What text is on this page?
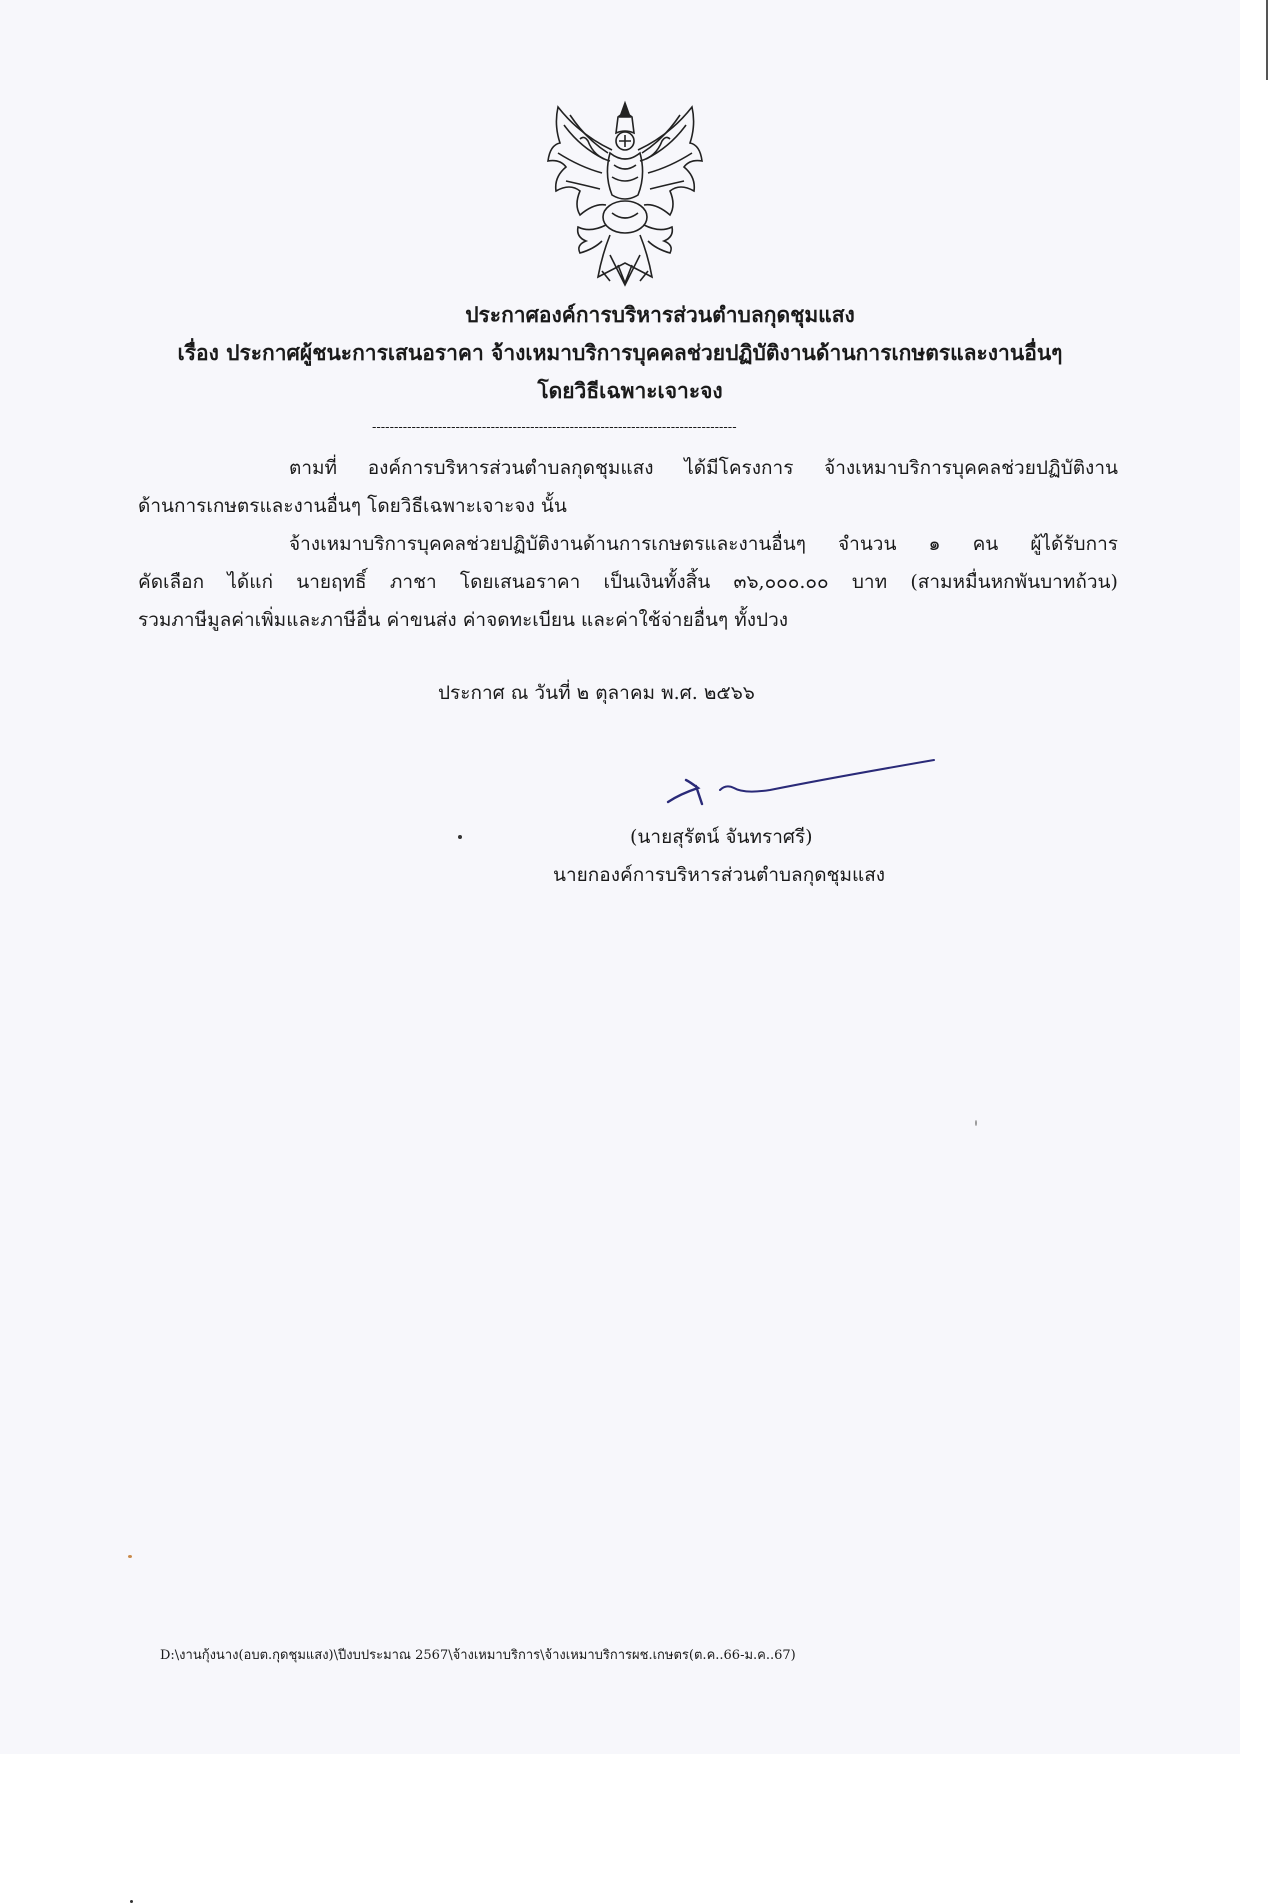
ประกาศองค์การบริหารส่วนตำบลกุดชุมแสง
เรื่อง ประกาศผู้ชนะการเสนอราคา จ้างเหมาบริการบุคคลช่วยปฏิบัติงานด้านการเกษตรและงานอื่นๆ
โดยวิธีเฉพาะเจาะจง
-----------------------------------------------------------------------------------
ตามที่ องค์การบริหารส่วนตำบลกุดชุมแสง ได้มีโครงการ จ้างเหมาบริการบุคคลช่วยปฏิบัติงาน
ด้านการเกษตรและงานอื่นๆ โดยวิธีเฉพาะเจาะจง นั้น
จ้างเหมาบริการบุคคลช่วยปฏิบัติงานด้านการเกษตรและงานอื่นๆ จำนวน ๑ คน ผู้ได้รับการ
คัดเลือก ได้แก่ นายฤทธิ์ ภาชา โดยเสนอราคา เป็นเงินทั้งสิ้น ๓๖,๐๐๐.๐๐ บาท (สามหมื่นหกพันบาทถ้วน)
รวมภาษีมูลค่าเพิ่มและภาษีอื่น ค่าขนส่ง ค่าจดทะเบียน และค่าใช้จ่ายอื่นๆ ทั้งปวง
ประกาศ ณ วันที่ ๒ ตุลาคม พ.ศ. ๒๕๖๖
(นายสุรัตน์ จันทราศรี)
นายกองค์การบริหารส่วนตำบลกุดชุมแสง
D:\งานกุ้งนาง(อบต.กุดชุมแสง)\ปีงบประมาณ 2567\จ้างเหมาบริการ\จ้างเหมาบริการผช.เกษตร(ต.ค..66-ม.ค..67)
